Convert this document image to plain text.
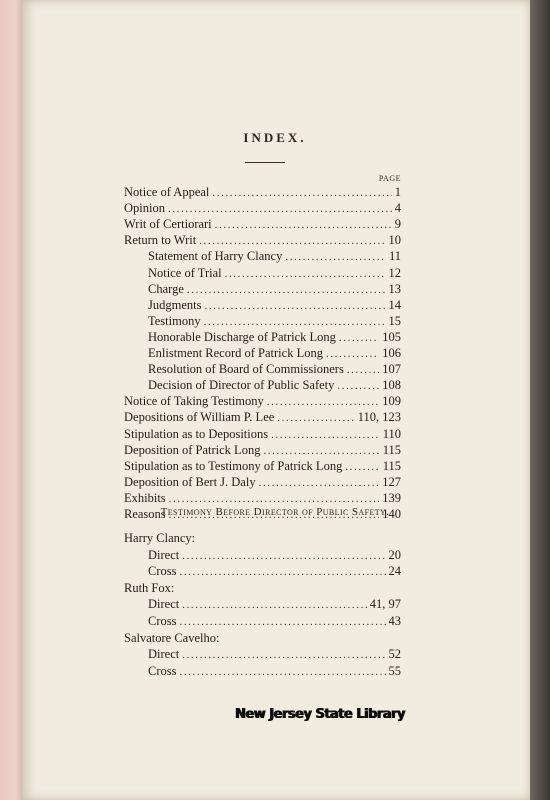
INDEX.
PAGE
Notice of Appeal .....	1
Opinion .....	4
Writ of Certiorari .....	9
Return to Writ .....	10
Statement of Harry Clancy .....	11
Notice of Trial .....	12
Charge .....	13
Judgments .....	14
Testimony .....	15
Honorable Discharge of Patrick Long .....	105
Enlistment Record of Patrick Long .....	106
Resolution of Board of Commissioners .....	107
Decision of Director of Public Safety .....	108
Notice of Taking Testimony .....	109
Depositions of William P. Lee .....	110, 123
Stipulation as to Depositions .....	110
Deposition of Patrick Long .....	115
Stipulation as to Testimony of Patrick Long .....	115
Deposition of Bert J. Daly .....	127
Exhibits .....	139
Reasons .....	140
Testimony Before Director of Public Safety.
Harry Clancy:
Direct .....	20
Cross .....	24
Ruth Fox:
Direct .....	41, 97
Cross .....	43
Salvatore Cavelho:
Direct .....	52
Cross .....	55
New Jersey State Library
